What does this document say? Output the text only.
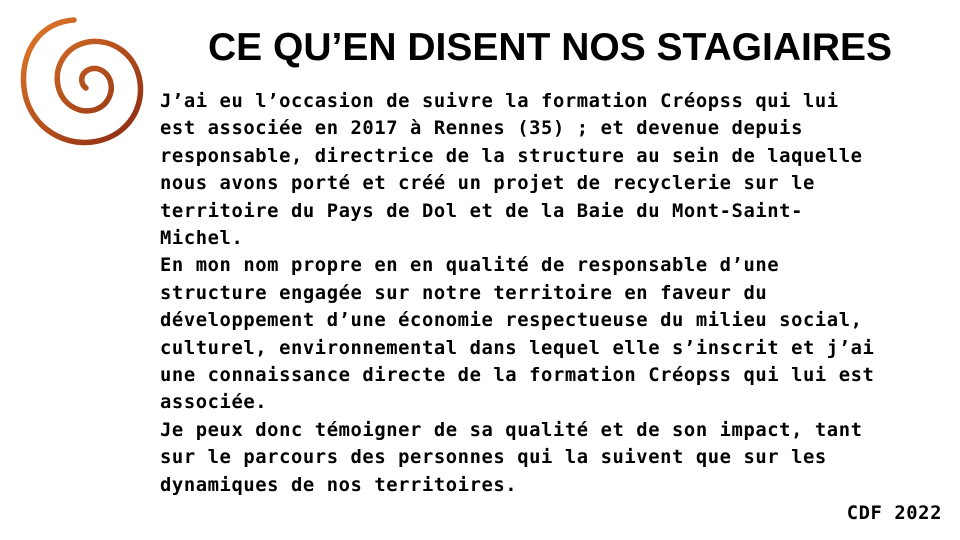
CE QU’EN DISENT NOS STAGIAIRES

J’ai eu l’occasion de suivre la formation Créopss qui lui

est associée en 2017 à Rennes (35) ; et devenue depuis

responsable, directrice de la structure au sein de laquelle

nous avons porté et créé un projet de recyclerie sur le

territoire du Pays de Dol et de la Baie du Mont-Saint-

Michel.

En mon nom propre en en qualité de responsable d’une

structure engagée sur notre territoire en faveur du

développement d’une économie respectueuse du milieu social,

culturel, environnemental dans lequel elle s’inscrit et j’ai

une connaissance directe de la formation Créopss qui lui est

associée.

Je peux donc témoigner de sa qualité et de son impact, tant

sur le parcours des personnes qui la suivent que sur les

dynamiques de nos territoires.

CDF 2022
